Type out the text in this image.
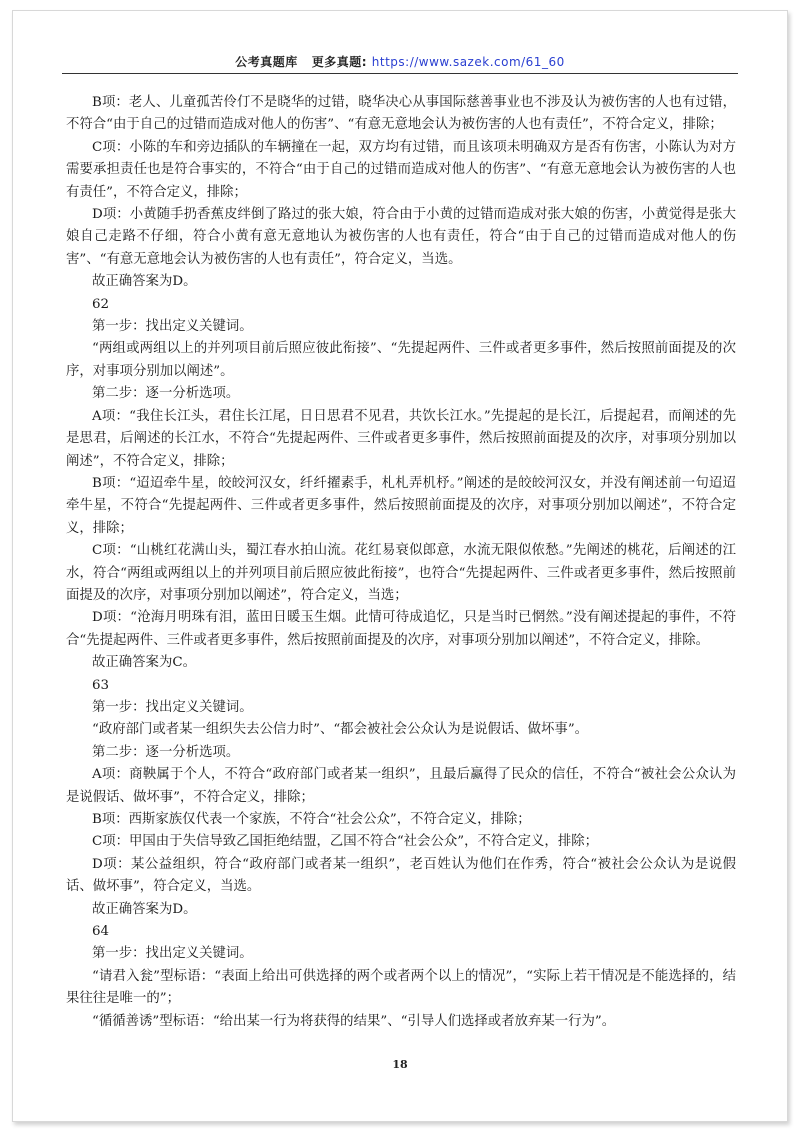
公考真题库 更多真题: https://www.sazek.com/61_60

B项：老人、儿童孤苦伶仃不是晓华的过错，晓华决心从事国际慈善事业也不涉及认为被伤害的人也有过错，不符合“由于自己的过错而造成对他人的伤害”、“有意无意地会认为被伤害的人也有责任”，不符合定义，排除；

C项：小陈的车和旁边插队的车辆撞在一起，双方均有过错，而且该项未明确双方是否有伤害，小陈认为对方需要承担责任也是符合事实的，不符合“由于自己的过错而造成对他人的伤害”、“有意无意地会认为被伤害的人也有责任”，不符合定义，排除；

D项：小黄随手扔香蕉皮绊倒了路过的张大娘，符合由于小黄的过错而造成对张大娘的伤害，小黄觉得是张大娘自己走路不仔细，符合小黄有意无意地认为被伤害的人也有责任，符合“由于自己的过错而造成对他人的伤害”、“有意无意地会认为被伤害的人也有责任”，符合定义，当选。

故正确答案为D。

62

第一步：找出定义关键词。

“两组或两组以上的并列项目前后照应彼此衔接”、“先提起两件、三件或者更多事件，然后按照前面提及的次序，对事项分别加以阐述”。

第二步：逐一分析选项。

A项：“我住长江头，君住长江尾，日日思君不见君，共饮长江水。”先提起的是长江，后提起君，而阐述的先是思君，后阐述的长江水，不符合“先提起两件、三件或者更多事件，然后按照前面提及的次序，对事项分别加以阐述”，不符合定义，排除；

B项：“迢迢牵牛星，皎皎河汉女，纤纤擢素手，札札弄机杼。”阐述的是皎皎河汉女，并没有阐述前一句迢迢牵牛星，不符合“先提起两件、三件或者更多事件，然后按照前面提及的次序，对事项分别加以阐述”，不符合定义，排除；

C项：“山桃红花满山头，蜀江春水拍山流。花红易衰似郎意，水流无限似侬愁。”先阐述的桃花，后阐述的江水，符合“两组或两组以上的并列项目前后照应彼此衔接”，也符合“先提起两件、三件或者更多事件，然后按照前面提及的次序，对事项分别加以阐述”，符合定义，当选；

D项：“沧海月明珠有泪，蓝田日暖玉生烟。此情可待成追忆，只是当时已惘然。”没有阐述提起的事件，不符合“先提起两件、三件或者更多事件，然后按照前面提及的次序，对事项分别加以阐述”，不符合定义，排除。

故正确答案为C。

63

第一步：找出定义关键词。

“政府部门或者某一组织失去公信力时”、“都会被社会公众认为是说假话、做坏事”。

第二步：逐一分析选项。

A项：商鞅属于个人，不符合“政府部门或者某一组织”，且最后赢得了民众的信任，不符合“被社会公众认为是说假话、做坏事”，不符合定义，排除；

B项：西斯家族仅代表一个家族，不符合“社会公众”，不符合定义，排除；

C项：甲国由于失信导致乙国拒绝结盟，乙国不符合“社会公众”，不符合定义，排除；

D项：某公益组织，符合“政府部门或者某一组织”，老百姓认为他们在作秀，符合“被社会公众认为是说假话、做坏事”，符合定义，当选。

故正确答案为D。

64

第一步：找出定义关键词。

“请君入瓮”型标语：“表面上给出可供选择的两个或者两个以上的情况”，“实际上若干情况是不能选择的，结果往往是唯一的”；

“循循善诱”型标语：“给出某一行为将获得的结果”、“引导人们选择或者放弃某一行为”。

18
